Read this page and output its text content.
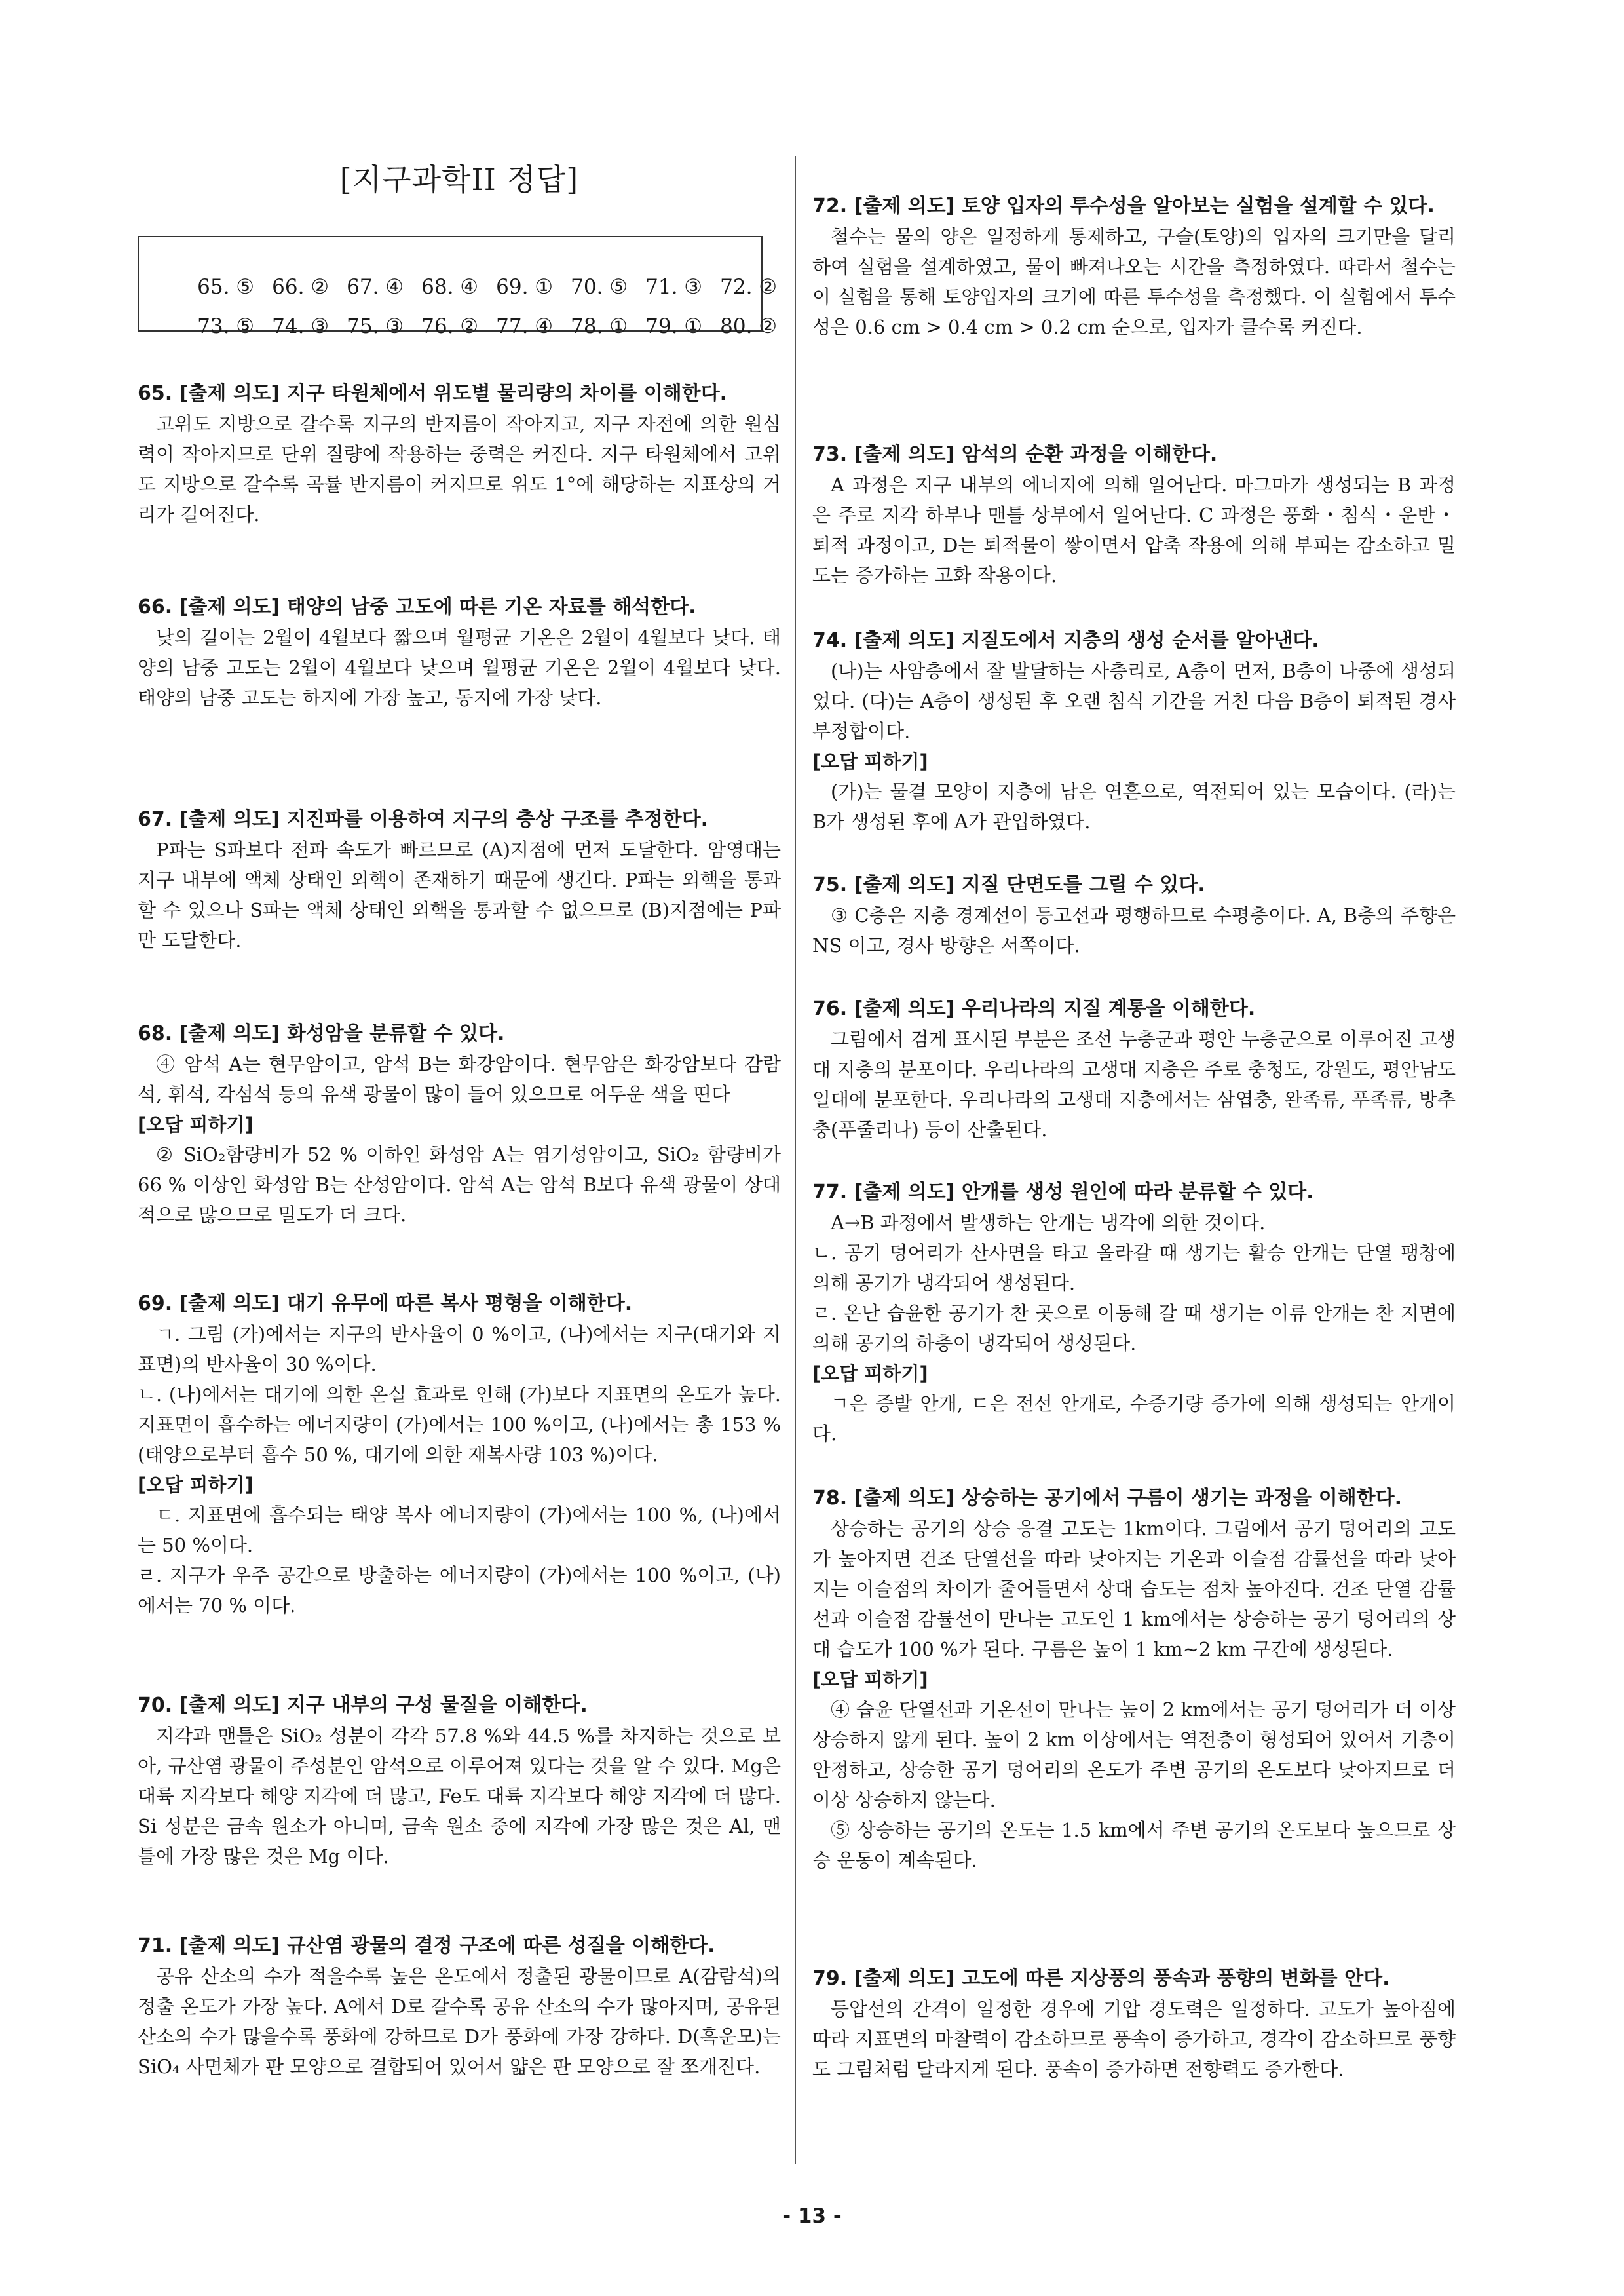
[지구과학II 정답]

65. ⑤ 66. ② 67. ④ 68. ④ 69. ① 70. ⑤ 71. ③ 72. ②

73. ⑤ 74. ③ 75. ③ 76. ② 77. ④ 78. ① 79. ① 80. ②

65. [출제 의도] 지구 타원체에서 위도별 물리량의 차이를 이해한다.

고위도 지방으로 갈수록 지구의 반지름이 작아지고, 지구 자전에 의한 원심력이 작아지므로 단위 질량에 작용하는 중력은 커진다. 지구 타원체에서 고위도 지방으로 갈수록 곡률 반지름이 커지므로 위도 1°에 해당하는 지표상의 거리가 길어진다.

66. [출제 의도] 태양의 남중 고도에 따른 기온 자료를 해석한다.

낮의 길이는 2월이 4월보다 짧으며 월평균 기온은 2월이 4월보다 낮다. 태양의 남중 고도는 2월이 4월보다 낮으며 월평균 기온은 2월이 4월보다 낮다. 태양의 남중 고도는 하지에 가장 높고, 동지에 가장 낮다.

67. [출제 의도] 지진파를 이용하여 지구의 층상 구조를 추정한다.

P파는 S파보다 전파 속도가 빠르므로 (A)지점에 먼저 도달한다. 암영대는 지구 내부에 액체 상태인 외핵이 존재하기 때문에 생긴다. P파는 외핵을 통과할 수 있으나 S파는 액체 상태인 외핵을 통과할 수 없으므로 (B)지점에는 P파만 도달한다.

68. [출제 의도] 화성암을 분류할 수 있다.

④ 암석 A는 현무암이고, 암석 B는 화강암이다. 현무암은 화강암보다 감람석, 휘석, 각섬석 등의 유색 광물이 많이 들어 있으므로 어두운 색을 띤다

[오답 피하기]

② SiO₂함량비가 52 % 이하인 화성암 A는 염기성암이고, SiO₂ 함량비가 66 % 이상인 화성암 B는 산성암이다. 암석 A는 암석 B보다 유색 광물이 상대적으로 많으므로 밀도가 더 크다.

69. [출제 의도] 대기 유무에 따른 복사 평형을 이해한다.

ㄱ. 그림 (가)에서는 지구의 반사율이 0 %이고, (나)에서는 지구(대기와 지표면)의 반사율이 30 %이다.

ㄴ. (나)에서는 대기에 의한 온실 효과로 인해 (가)보다 지표면의 온도가 높다. 지표면이 흡수하는 에너지량이 (가)에서는 100 %이고, (나)에서는 총 153 % (태양으로부터 흡수 50 %, 대기에 의한 재복사량 103 %)이다.

[오답 피하기]

ㄷ. 지표면에 흡수되는 태양 복사 에너지량이 (가)에서는 100 %, (나)에서는 50 %이다.

ㄹ. 지구가 우주 공간으로 방출하는 에너지량이 (가)에서는 100 %이고, (나)에서는 70 % 이다.

70. [출제 의도] 지구 내부의 구성 물질을 이해한다.

지각과 맨틀은 SiO₂ 성분이 각각 57.8 %와 44.5 %를 차지하는 것으로 보아, 규산염 광물이 주성분인 암석으로 이루어져 있다는 것을 알 수 있다. Mg은 대륙 지각보다 해양 지각에 더 많고, Fe도 대륙 지각보다 해양 지각에 더 많다. Si 성분은 금속 원소가 아니며, 금속 원소 중에 지각에 가장 많은 것은 Al, 맨틀에 가장 많은 것은 Mg 이다.

71. [출제 의도] 규산염 광물의 결정 구조에 따른 성질을 이해한다.

공유 산소의 수가 적을수록 높은 온도에서 정출된 광물이므로 A(감람석)의 정출 온도가 가장 높다. A에서 D로 갈수록 공유 산소의 수가 많아지며, 공유된 산소의 수가 많을수록 풍화에 강하므로 D가 풍화에 가장 강하다. D(흑운모)는 SiO₄ 사면체가 판 모양으로 결합되어 있어서 얇은 판 모양으로 잘 쪼개진다.

72. [출제 의도] 토양 입자의 투수성을 알아보는 실험을 설계할 수 있다.

철수는 물의 양은 일정하게 통제하고, 구슬(토양)의 입자의 크기만을 달리 하여 실험을 설계하였고, 물이 빠져나오는 시간을 측정하였다. 따라서 철수는 이 실험을 통해 토양입자의 크기에 따른 투수성을 측정했다. 이 실험에서 투수성은 0.6 cm > 0.4 cm > 0.2 cm 순으로, 입자가 클수록 커진다.

73. [출제 의도] 암석의 순환 과정을 이해한다.

A 과정은 지구 내부의 에너지에 의해 일어난다. 마그마가 생성되는 B 과정은 주로 지각 하부나 맨틀 상부에서 일어난다. C 과정은 풍화・침식・운반・퇴적 과정이고, D는 퇴적물이 쌓이면서 압축 작용에 의해 부피는 감소하고 밀도는 증가하는 고화 작용이다.

74. [출제 의도] 지질도에서 지층의 생성 순서를 알아낸다.

(나)는 사암층에서 잘 발달하는 사층리로, A층이 먼저, B층이 나중에 생성되었다. (다)는 A층이 생성된 후 오랜 침식 기간을 거친 다음 B층이 퇴적된 경사 부정합이다.

[오답 피하기]

(가)는 물결 모양이 지층에 남은 연흔으로, 역전되어 있는 모습이다. (라)는 B가 생성된 후에 A가 관입하였다.

75. [출제 의도] 지질 단면도를 그릴 수 있다.

③ C층은 지층 경계선이 등고선과 평행하므로 수평층이다. A, B층의 주향은 NS 이고, 경사 방향은 서쪽이다.

76. [출제 의도] 우리나라의 지질 계통을 이해한다.

그림에서 검게 표시된 부분은 조선 누층군과 평안 누층군으로 이루어진 고생대 지층의 분포이다. 우리나라의 고생대 지층은 주로 충청도, 강원도, 평안남도 일대에 분포한다. 우리나라의 고생대 지층에서는 삼엽충, 완족류, 푸족류, 방추충(푸줄리나) 등이 산출된다.

77. [출제 의도] 안개를 생성 원인에 따라 분류할 수 있다.

A→B 과정에서 발생하는 안개는 냉각에 의한 것이다.

ㄴ. 공기 덩어리가 산사면을 타고 올라갈 때 생기는 활승 안개는 단열 팽창에 의해 공기가 냉각되어 생성된다.

ㄹ. 온난 습윤한 공기가 찬 곳으로 이동해 갈 때 생기는 이류 안개는 찬 지면에 의해 공기의 하층이 냉각되어 생성된다.

[오답 피하기]

ㄱ은 증발 안개, ㄷ은 전선 안개로, 수증기량 증가에 의해 생성되는 안개이다.

78. [출제 의도] 상승하는 공기에서 구름이 생기는 과정을 이해한다.

상승하는 공기의 상승 응결 고도는 1km이다. 그림에서 공기 덩어리의 고도가 높아지면 건조 단열선을 따라 낮아지는 기온과 이슬점 감률선을 따라 낮아지는 이슬점의 차이가 줄어들면서 상대 습도는 점차 높아진다. 건조 단열 감률선과 이슬점 감률선이 만나는 고도인 1 km에서는 상승하는 공기 덩어리의 상대 습도가 100 %가 된다. 구름은 높이 1 km∼2 km 구간에 생성된다.

[오답 피하기]

④ 습윤 단열선과 기온선이 만나는 높이 2 km에서는 공기 덩어리가 더 이상 상승하지 않게 된다. 높이 2 km 이상에서는 역전층이 형성되어 있어서 기층이 안정하고, 상승한 공기 덩어리의 온도가 주변 공기의 온도보다 낮아지므로 더 이상 상승하지 않는다.

⑤ 상승하는 공기의 온도는 1.5 km에서 주변 공기의 온도보다 높으므로 상승 운동이 계속된다.

79. [출제 의도] 고도에 따른 지상풍의 풍속과 풍향의 변화를 안다.

등압선의 간격이 일정한 경우에 기압 경도력은 일정하다. 고도가 높아짐에 따라 지표면의 마찰력이 감소하므로 풍속이 증가하고, 경각이 감소하므로 풍향도 그림처럼 달라지게 된다. 풍속이 증가하면 전향력도 증가한다.

- 13 -
